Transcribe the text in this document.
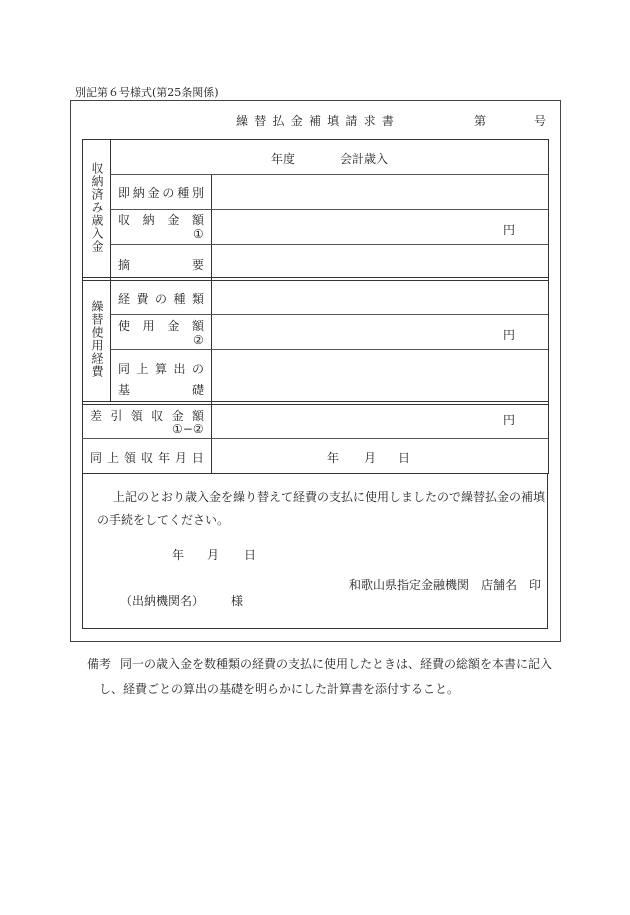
別記第６号様式(第25条関係)
繰 替 払 金 補 填 請 求 書	第	号
収納済み歳入金
年度	会計歳入
即 納 金 の 種 別
収 納 金 額
①	円
摘	要
繰替使用経費
経 費 の 種 類
使 用 金 額
②	円
同 上 算 出 の
基	礎
差 引 領 収 金 額
①−②
円
同 上 領 収 年 月 日	年 月 日
上記のとおり歳入金を繰り替えて経費の支払に使用しましたので繰替払金の補填
の手続をしてください。
年 月 日
和歌山県指定金融機関　店舗名　印
（出納機関名） 様
備考 同一の歳入金を数種類の経費の支払に使用したときは、経費の総額を本書に記入
し、経費ごとの算出の基礎を明らかにした計算書を添付すること。
